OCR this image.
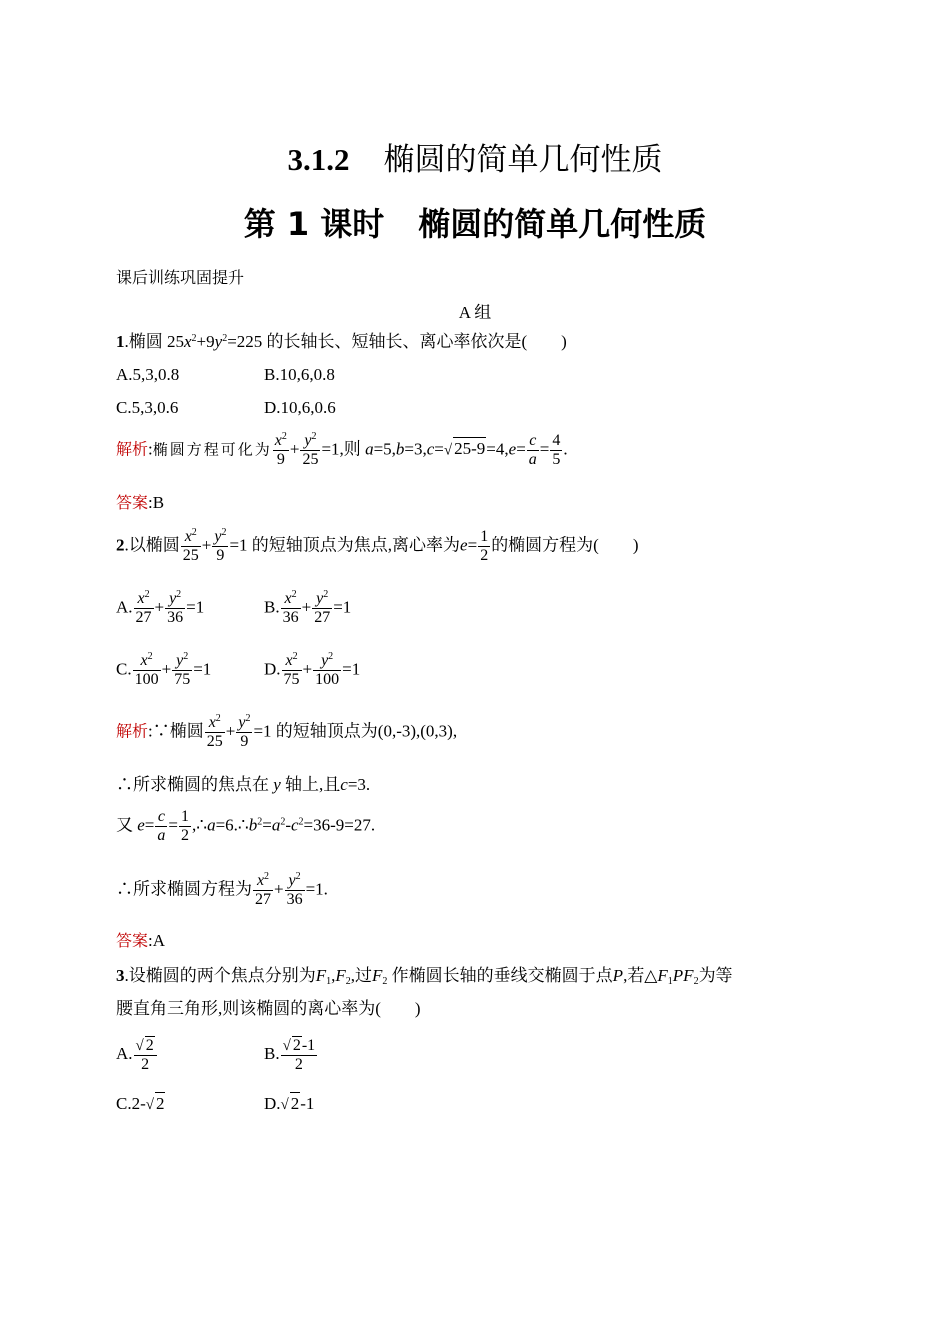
3.1.2 椭圆的简单几何性质
第 1 课时 椭圆的简单几何性质
课后训练巩固提升
A 组
1.椭圆 $25x^2+9y^2=225$ 的长轴长、短轴长、离心率依次是(　　)
A.5,3,0.8	B.10,6,0.8
C.5,3,0.6	D.10,6,0.6
解析:椭圆方程可化为 $\frac{x^2}{9} + \frac{y^2}{25} =1$,则 a=5,b=3,c=√ $25-9=4,e= \frac{c}{a} = \frac{4}{5}$ .
答案:B
2.以椭圆 $\frac{x^2}{25} + \frac{y^2}{9} =1$ 的短轴顶点为焦点,离心率为$e= \frac{1}{2}$ 的椭圆方程为(　　)
A. $\frac{x^2}{27} + \frac{y^2}{36} =1$	B. $\frac{x^2}{36} + \frac{y^2}{27} =1$
C. $\frac{x^2}{100} + \frac{y^2}{75} =1$	D. $\frac{x^2}{75} + \frac{y^2}{100} =1$
解析:∵椭圆 $\frac{x^2}{25} + \frac{y^2}{9} =1$ 的短轴顶点为(0,-3),(0,3),
∴所求椭圆的焦点在 y 轴上,且c=3.
又 $e= \frac{c}{a} = \frac{1}{2}$ $,\therefore a=6.\therefore b^2=a^2-c^2=36-9=27$.
∴所求椭圆方程为 $\frac{x^2}{27} + \frac{y^2}{36} =1$.
答案:A
3.设椭圆的两个焦点分别为$F_1,F_2$,过$F_2$ 作椭圆长轴的垂线交椭圆于点P,若$\triangle F_1PF_2$为等
腰直角三角形,则该椭圆的离心率为(　　)
A. $\frac{√ 2}{2}$	B. $\frac{√ 2-1}{2}$
C.2-√ 2	D.√ 2-1
